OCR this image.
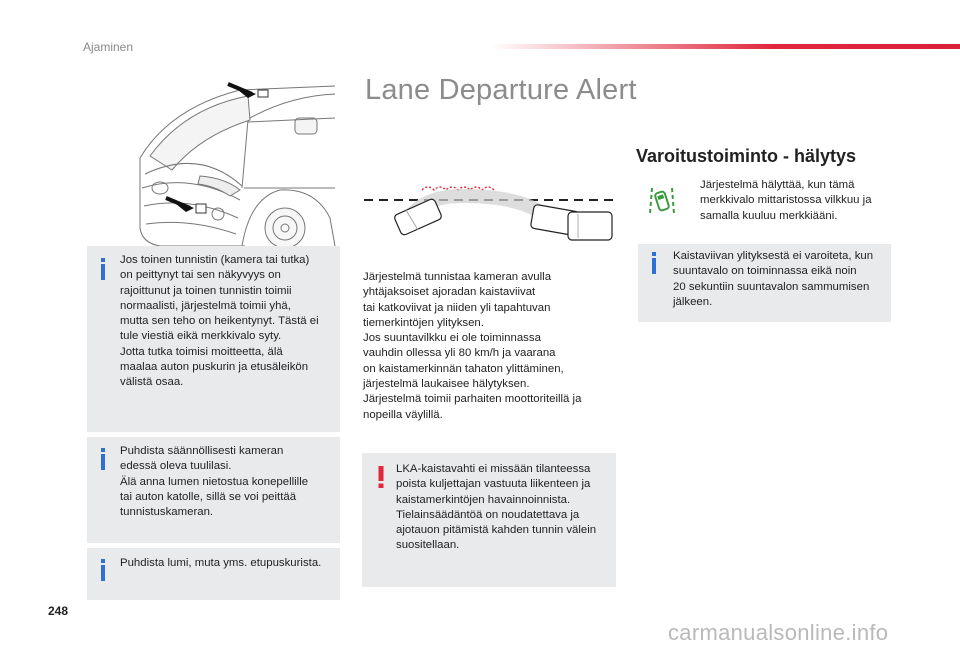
Ajaminen
Lane Departure Alert
Jos toinen tunnistin (kamera tai tutka)
on peittynyt tai sen näkyvyys on
rajoittunut ja toinen tunnistin toimii
normaalisti, järjestelmä toimii yhä,
mutta sen teho on heikentynyt. Tästä ei
tule viestiä eikä merkkivalo syty.
Jotta tutka toimisi moitteetta, älä
maalaa auton puskurin ja etusäleikön
välistä osaa.
Puhdista säännöllisesti kameran
edessä oleva tuulilasi.
Älä anna lumen nietostua konepellille
tai auton katolle, sillä se voi peittää
tunnistuskameran.
Puhdista lumi, muta yms. etupuskurista.
Järjestelmä tunnistaa kameran avulla
yhtäjaksoiset ajoradan kaistaviivat
tai katkoviivat ja niiden yli tapahtuvan
tiemerkintöjen ylityksen.
Jos suuntavilkku ei ole toiminnassa
vauhdin ollessa yli 80 km/h ja vaarana
on kaistamerkinnän tahaton ylittäminen,
järjestelmä laukaisee hälytyksen.
Järjestelmä toimii parhaiten moottoriteillä ja
nopeilla väylillä.
LKA-kaistavahti ei missään tilanteessa
poista kuljettajan vastuuta liikenteen ja
kaistamerkintöjen havainnoinnista.
Tielainsäädäntöä on noudatettava ja
ajotauon pitämistä kahden tunnin välein
suositellaan.
Varoitustoiminto - hälytys
Järjestelmä hälyttää, kun tämä
merkkivalo mittaristossa vilkkuu ja
samalla kuuluu merkkiääni.
Kaistaviivan ylityksestä ei varoiteta, kun
suuntavalo on toiminnassa eikä noin
20 sekuntiin suuntavalon sammumisen
jälkeen.
248
carmanualsonline.info
